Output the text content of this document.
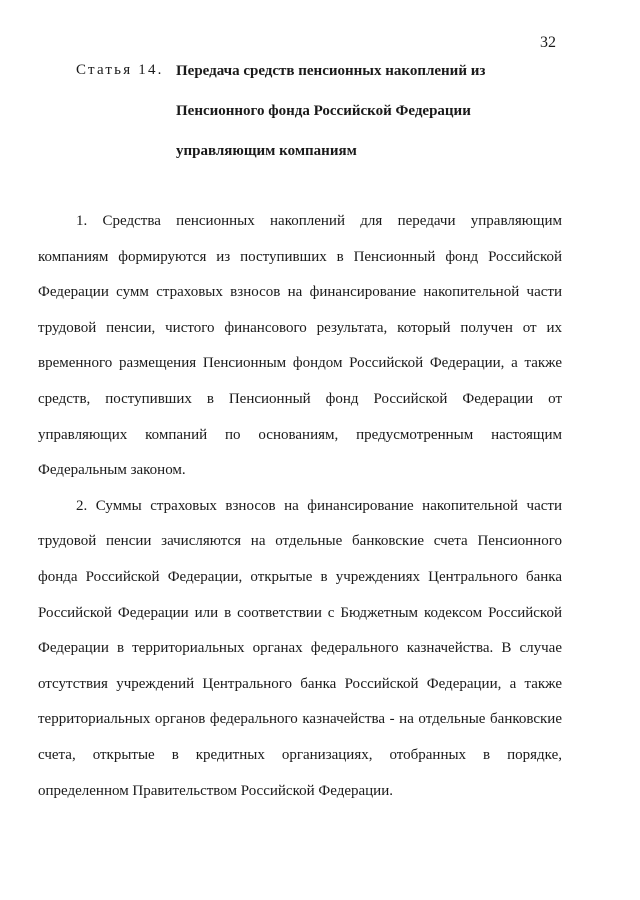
32
Статья 14. Передача средств пенсионных накоплений из
Пенсионного фонда Российской Федерации
управляющим компаниям

1. Средства пенсионных накоплений для передачи управляющим компаниям формируются из поступивших в Пенсионный фонд Российской Федерации сумм страховых взносов на финансирование накопительной части трудовой пенсии, чистого финансового результата, который получен от их временного размещения Пенсионным фондом Российской Федерации, а также средств, поступивших в Пенсионный фонд Российской Федерации от управляющих компаний по основаниям, предусмотренным настоящим Федеральным законом.

2. Суммы страховых взносов на финансирование накопительной части трудовой пенсии зачисляются на отдельные банковские счета Пенсионного фонда Российской Федерации, открытые в учреждениях Центрального банка Российской Федерации или в соответствии с Бюджетным кодексом Российской Федерации в территориальных органах федерального казначейства. В случае отсутствия учреждений Центрального банка Российской Федерации, а также территориальных органов федерального казначейства - на отдельные банковские счета, открытые в кредитных организациях, отобранных в порядке, определенном Правительством Российской Федерации.
